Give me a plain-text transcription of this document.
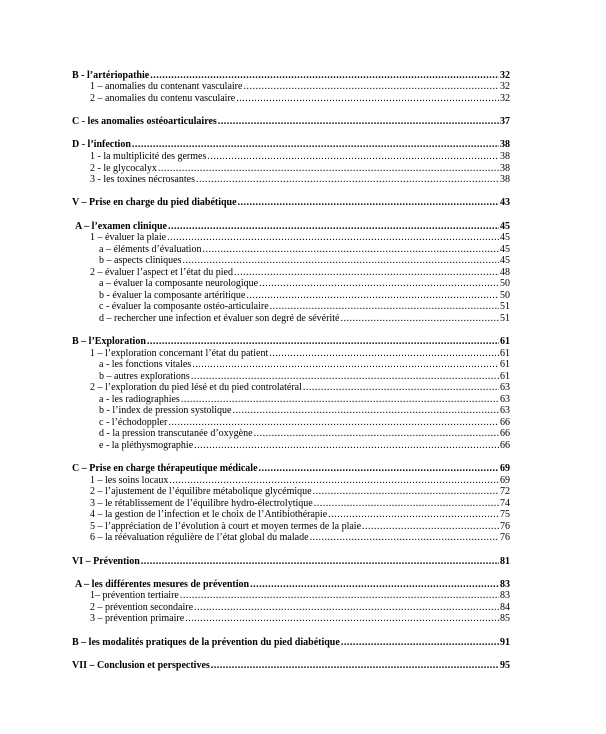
B - l’artériopathie .....	32
1 – anomalies du contenant vasculaire .....	32
2 – anomalies du contenu vasculaire .....	32
C - les anomalies ostéoarticulaires .....	37
D - l’infection .....	38
1 - la multiplicité des germes .....	38
2 - le glycocalyx .....	38
3 - les toxines nécrosantes .....	38
V – Prise en charge du pied diabétique .....	43
A – l’examen clinique .....	45
1 – évaluer la plaie .....	45
a – éléments d’évaluation .....	45
b – aspects cliniques .....	45
2 – évaluer l’aspect et l’état du pied .....	48
a – évaluer la composante neurologique .....	50
b - évaluer la composante artéritique .....	50
c - évaluer la composante ostéo-articulaire .....	51
d – rechercher une infection et évaluer son degré de sévérité .....	51
B – l’Exploration .....	61
1 – l’exploration concernant l’état du patient .....	61
a - les fonctions vitales .....	61
b – autres explorations .....	61
2 – l’exploration du pied lésé et du pied controlatéral .....	63
a - les radiographies .....	63
b - l’index de pression systolique .....	63
c - l’échodoppler .....	66
d - la pression transcutanée d’oxygène .....	66
e - la pléthysmographie .....	66
C – Prise en charge thérapeutique médicale .....	69
1 – les soins locaux .....	69
2 – l’ajustement de l’équilibre métabolique glycémique .....	72
3 – le rétablissement de l’équilibre hydro-électrolytique .....	74
4 – la gestion de l’infection et le choix de l’Antibiothérapie .....	75
5 – l’appréciation de l’évolution à court et moyen termes de la plaie .....	76
6 – la réévaluation régulière de l’état global du malade .....	76
VI – Prévention .....	81
A – les différentes mesures de prévention .....	83
1– prévention tertiaire .....	83
2 – prévention secondaire .....	84
3 – prévention primaire .....	85
B – les modalités pratiques de la prévention du pied diabétique .....	91
VII – Conclusion et perspectives .....	95
